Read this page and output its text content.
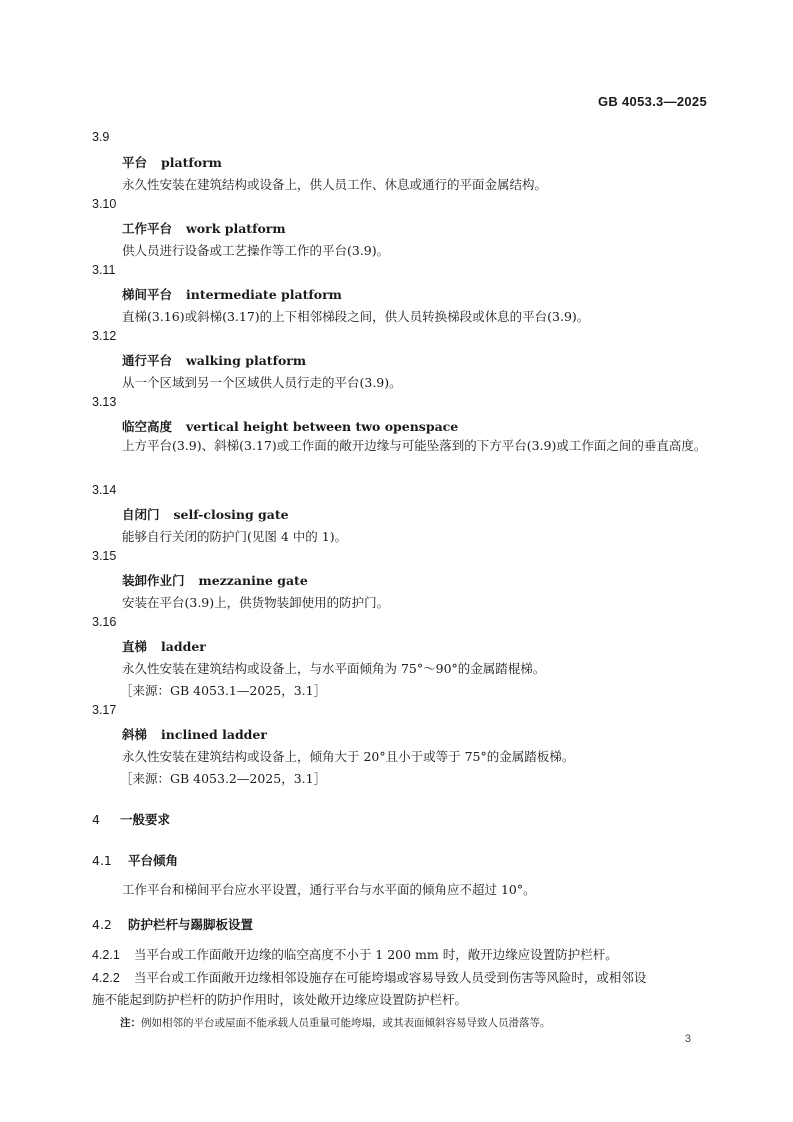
GB 4053.3—2025
3.9
平台 platform
永久性安装在建筑结构或设备上，供人员工作、休息或通行的平面金属结构。
3.10
工作平台 work platform
供人员进行设备或工艺操作等工作的平台(3.9)。
3.11
梯间平台 intermediate platform
直梯(3.16)或斜梯(3.17)的上下相邻梯段之间，供人员转换梯段或休息的平台(3.9)。
3.12
通行平台 walking platform
从一个区域到另一个区域供人员行走的平台(3.9)。
3.13
临空高度 vertical height between two openspace
上方平台(3.9)、斜梯(3.17)或工作面的敞开边缘与可能坠落到的下方平台(3.9)或工作面之间的垂直高度。
3.14
自闭门 self-closing gate
能够自行关闭的防护门(见图 4 中的 1)。
3.15
装卸作业门 mezzanine gate
安装在平台(3.9)上，供货物装卸使用的防护门。
3.16
直梯 ladder
永久性安装在建筑结构或设备上，与水平面倾角为 75°～90°的金属踏棍梯。
［来源：GB 4053.1—2025，3.1］
3.17
斜梯 inclined ladder
永久性安装在建筑结构或设备上，倾角大于 20°且小于或等于 75°的金属踏板梯。
［来源：GB 4053.2—2025，3.1］
4 一般要求
4.1 平台倾角
工作平台和梯间平台应水平设置，通行平台与水平面的倾角应不超过 10°。
4.2 防护栏杆与踢脚板设置
4.2.1 当平台或工作面敞开边缘的临空高度不小于 1 200 mm 时，敞开边缘应设置防护栏杆。
4.2.2 当平台或工作面敞开边缘相邻设施存在可能垮塌或容易导致人员受到伤害等风险时，或相邻设
施不能起到防护栏杆的防护作用时，该处敞开边缘应设置防护栏杆。
注：例如相邻的平台或屋面不能承载人员重量可能垮塌，或其表面倾斜容易导致人员滑落等。
3
